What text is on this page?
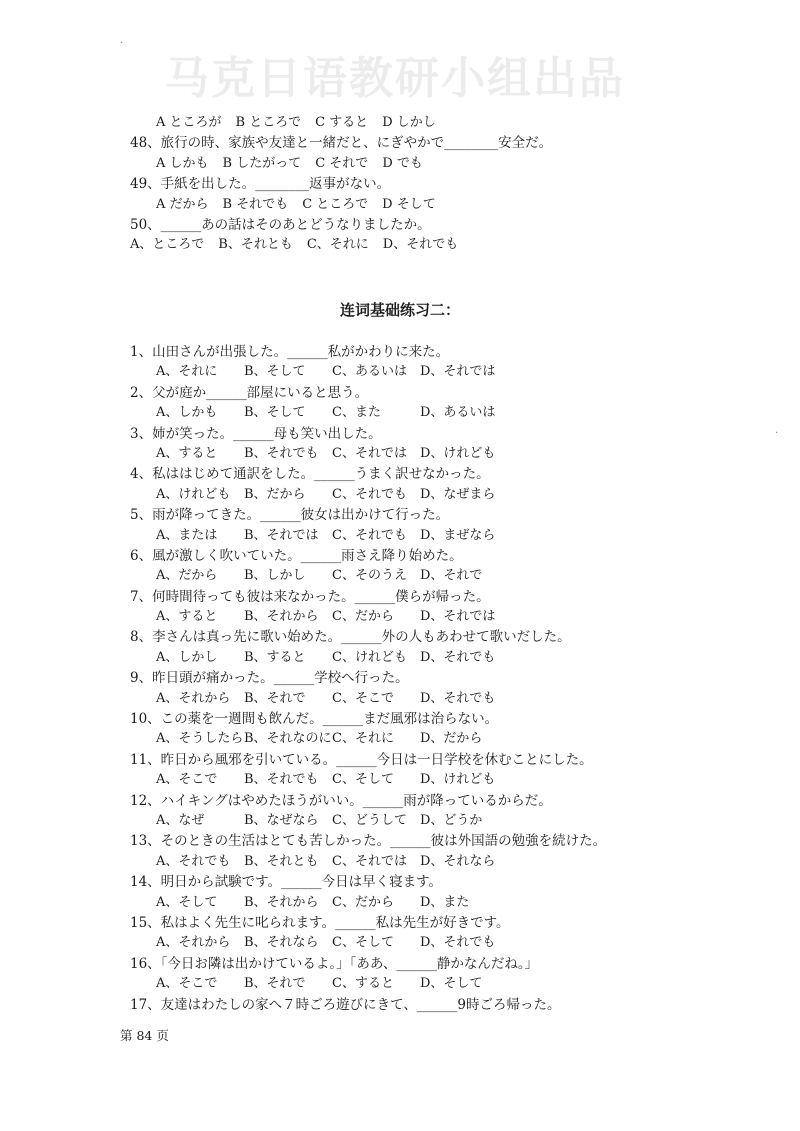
马克日语教研小组出品
A ところが B ところで C すると D しかし
48、旅行の時、家族や友達と一緒だと、にぎやかで________安全だ。
A しかも B したがって C それで D でも
49、手紙を出した。________返事がない。
A だから B それでも C ところで D そして
50、______あの話はそのあとどうなりましたか。
A、ところで B、それとも C、それに D、それでも
连词基础练习二：
1、山田さんが出張した。______私がかわりに来た。
A、それに	B、そして	C、あるいは	D、それでは
2、父が庭か______部屋にいると思う。
A、しかも	B、そして	C、また	D、あるいは
3、姉が笑った。______母も笑い出した。
A、すると	B、それでも	C、それでは	D、けれども
4、私ははじめて通訳をした。______うまく訳せなかった。
A、けれども	B、だから	C、それでも	D、なぜまら
5、雨が降ってきた。______彼女は出かけて行った。
A、または	B、それでは	C、それでも	D、まぜなら
6、風が激しく吹いていた。______雨さえ降り始めた。
A、だから	B、しかし	C、そのうえ	D、それで
7、何時間待っても彼は来なかった。______僕らが帰った。
A、すると	B、それから	C、だから	D、それでは
8、李さんは真っ先に歌い始めた。______外の人もあわせて歌いだした。
A、しかし	B、すると	C、けれども	D、それでも
9、昨日頭が痛かった。______学校へ行った。
A、それから	B、それで	C、そこで	D、それでも
10、この薬を一週間も飲んだ。______まだ風邪は治らない。
A、そうしたら B、それなのに C、それに	D、だから
11、昨日から風邪を引いている。______今日は一日学校を休むことにした。
A、そこで	B、それでも	C、そして	D、けれども
12、ハイキングはやめたほうがいい。______雨が降っているからだ。
A、なぜ	B、なぜなら	C、どうして	D、どうか
13、そのときの生活はとても苦しかった。______彼は外国語の勉強を続けた。
A、それでも	B、それとも	C、それでは	D、それなら
14、明日から試験です。______今日は早く寝ます。
A、そして	B、それから	C、だから	D、また
15、私はよく先生に叱られます。______私は先生が好きです。
A、それから	B、それなら	C、そして	D、それでも
16、「今日お隣は出かけているよ。」「ああ、______静かなんだね。」
A、そこで	B、それで	C、すると	D、そして
17、友達はわたしの家へ７時ごろ遊びにきて、______9時ごろ帰った。
第 84 页
·
·
